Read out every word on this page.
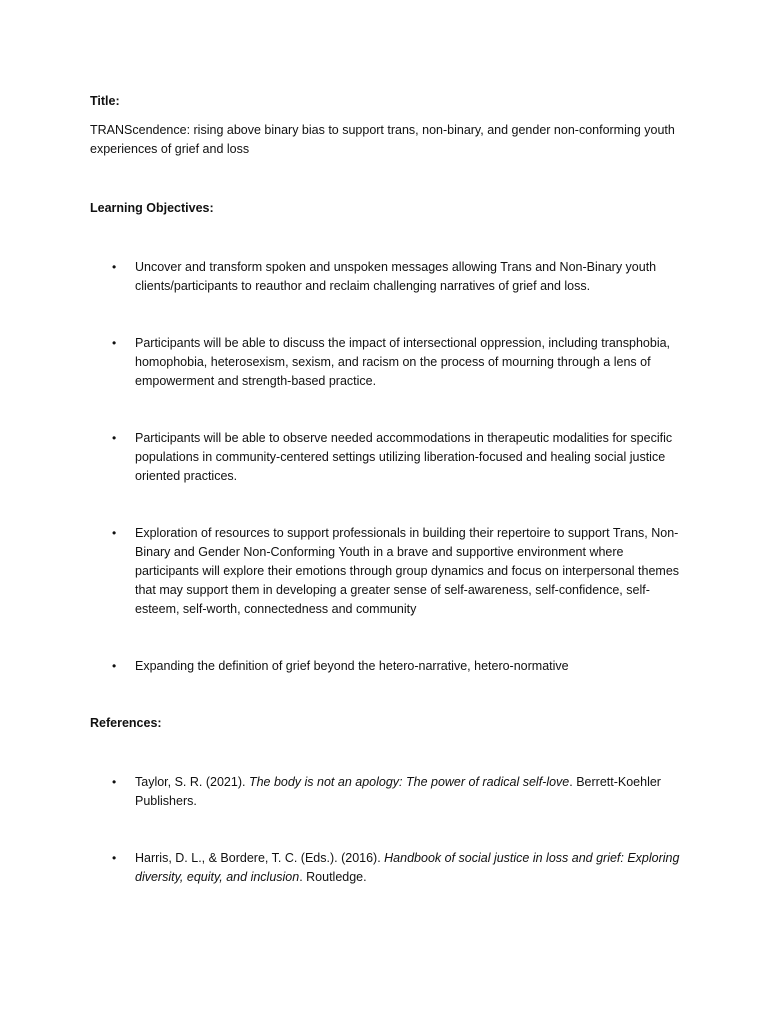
Title:

TRANScendence: rising above binary bias to support trans, non-binary, and gender non-conforming youth experiences of grief and loss

Learning Objectives:

• Uncover and transform spoken and unspoken messages allowing Trans and Non-Binary youth clients/participants to reauthor and reclaim challenging narratives of grief and loss.
• Participants will be able to discuss the impact of intersectional oppression, including transphobia, homophobia, heterosexism, sexism, and racism on the process of mourning through a lens of empowerment and strength-based practice.
• Participants will be able to observe needed accommodations in therapeutic modalities for specific populations in community-centered settings utilizing liberation-focused and healing social justice oriented practices.
• Exploration of resources to support professionals in building their repertoire to support Trans, Non-Binary and Gender Non-Conforming Youth in a brave and supportive environment where participants will explore their emotions through group dynamics and focus on interpersonal themes that may support them in developing a greater sense of self-awareness, self-confidence, self-esteem, self-worth, connectedness and community
• Expanding the definition of grief beyond the hetero-narrative, hetero-normative

References:

• Taylor, S. R. (2021). The body is not an apology: The power of radical self-love. Berrett-Koehler Publishers.
• Harris, D. L., & Bordere, T. C. (Eds.). (2016). Handbook of social justice in loss and grief: Exploring diversity, equity, and inclusion. Routledge.
